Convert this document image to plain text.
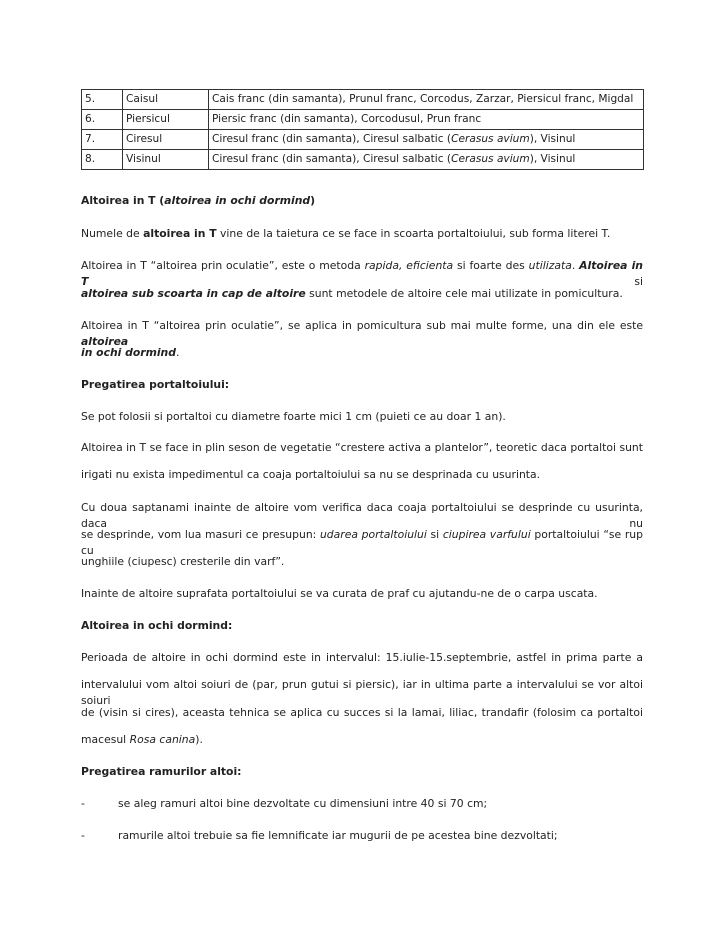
5.	Caisul	Cais franc (din samanta), Prunul franc, Corcodus, Zarzar, Piersicul franc, Migdal
6.	Piersicul	Piersic franc (din samanta), Corcodusul, Prun franc
7.	Ciresul	Ciresul franc (din samanta), Ciresul salbatic (Cerasus avium), Visinul
8.	Visinul	Ciresul franc (din samanta), Ciresul salbatic (Cerasus avium), Visinul

Altoirea in T (altoirea in ochi dormind)

Numele de altoirea in T vine de la taietura ce se face in scoarta portaltoiului, sub forma literei T.

Altoirea in T “altoirea prin oculatie”, este o metoda rapida, eficienta si foarte des utilizata. Altoirea in T si

altoirea sub scoarta in cap de altoire sunt metodele de altoire cele mai utilizate in pomicultura.

Altoirea in T “altoirea prin oculatie”, se aplica in pomicultura sub mai multe forme, una din ele este altoirea

in ochi dormind.

Pregatirea portaltoiului:

Se pot folosii si portaltoi cu diametre foarte mici 1 cm (puieti ce au doar 1 an).

Altoirea in T se face in plin seson de vegetatie “crestere activa a plantelor”, teoretic daca portaltoi sunt

irigati nu exista impedimentul ca coaja portaltoiului sa nu se desprinada cu usurinta.

Cu doua saptanami inainte de altoire vom verifica daca coaja portaltoiului se desprinde cu usurinta, daca nu

se desprinde, vom lua masuri ce presupun: udarea portaltoiului si ciupirea varfului portaltoiului “se rup cu

unghiile (ciupesc) cresterile din varf”.

Inainte de altoire suprafata portaltoiului se va curata de praf cu ajutandu-ne de o carpa uscata.

Altoirea in ochi dormind:

Perioada de altoire in ochi dormind este in intervalul: 15.iulie-15.septembrie, astfel in prima parte a

intervalului vom altoi soiuri de (par, prun gutui si piersic), iar in ultima parte a intervalului se vor altoi soiuri

de (visin si cires), aceasta tehnica se aplica cu succes si la lamai, liliac, trandafir (folosim ca portaltoi

macesul Rosa canina).

Pregatirea ramurilor altoi:

-	se aleg ramuri altoi bine dezvoltate cu dimensiuni intre 40 si 70 cm;
-	ramurile altoi trebuie sa fie lemnificate iar mugurii de pe acestea bine dezvoltati;
